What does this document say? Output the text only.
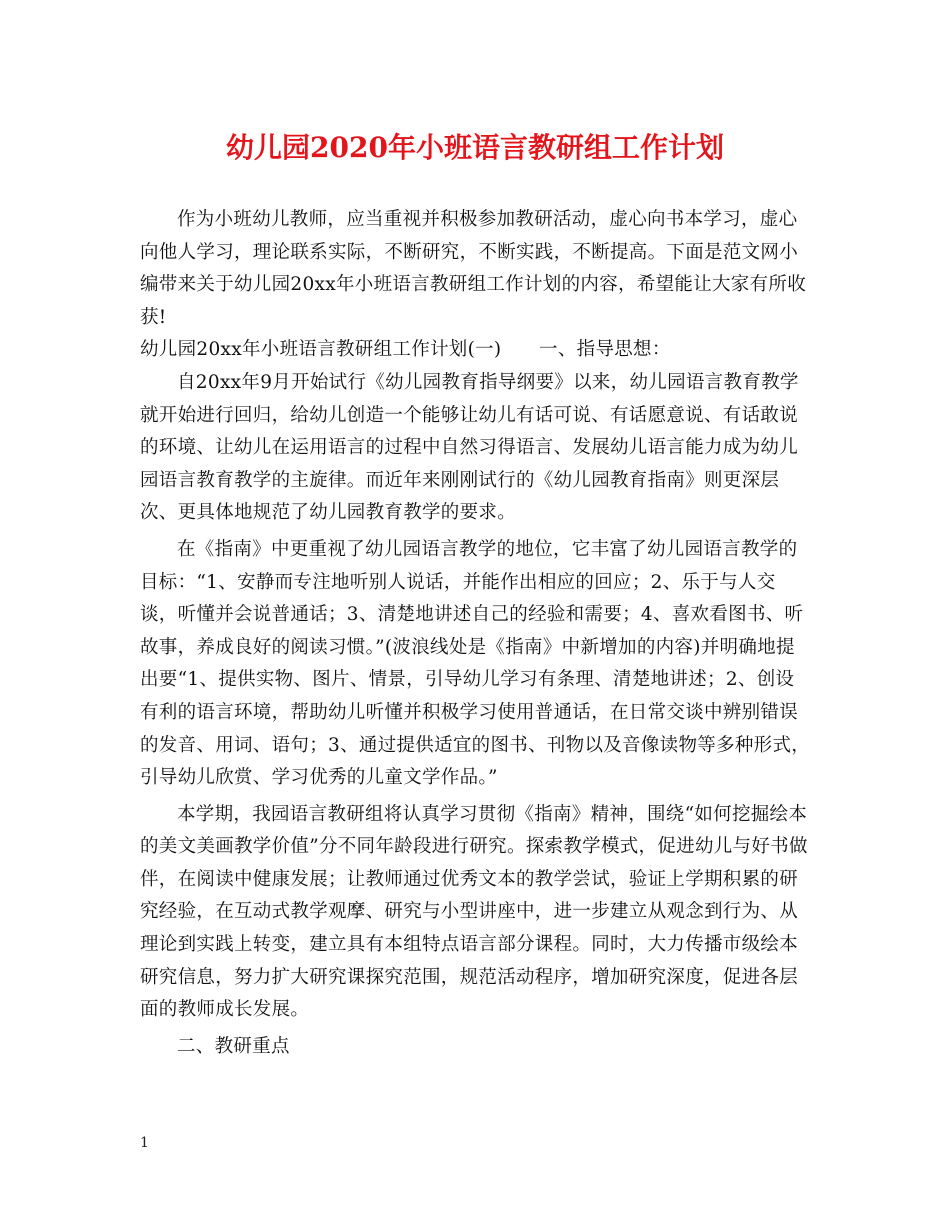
幼儿园2020年小班语言教研组工作计划

作为小班幼儿教师，应当重视并积极参加教研活动，虚心向书本学习，虚心向他人学习，理论联系实际，不断研究，不断实践，不断提高。下面是范文网小编带来关于幼儿园20xx年小班语言教研组工作计划的内容，希望能让大家有所收获!

幼儿园20xx年小班语言教研组工作计划(一)　　一、指导思想：

自20xx年9月开始试行《幼儿园教育指导纲要》以来，幼儿园语言教育教学就开始进行回归，给幼儿创造一个能够让幼儿有话可说、有话愿意说、有话敢说的环境、让幼儿在运用语言的过程中自然习得语言、发展幼儿语言能力成为幼儿园语言教育教学的主旋律。而近年来刚刚试行的《幼儿园教育指南》则更深层次、更具体地规范了幼儿园教育教学的要求。

在《指南》中更重视了幼儿园语言教学的地位，它丰富了幼儿园语言教学的目标：“1、安静而专注地听别人说话，并能作出相应的回应；2、乐于与人交谈，听懂并会说普通话；3、清楚地讲述自己的经验和需要；4、喜欢看图书、听故事，养成良好的阅读习惯。”(波浪线处是《指南》中新增加的内容)并明确地提出要“1、提供实物、图片、情景，引导幼儿学习有条理、清楚地讲述；2、创设有利的语言环境，帮助幼儿听懂并积极学习使用普通话，在日常交谈中辨别错误的发音、用词、语句；3、通过提供适宜的图书、刊物以及音像读物等多种形式，引导幼儿欣赏、学习优秀的儿童文学作品。”

本学期，我园语言教研组将认真学习贯彻《指南》精神，围绕“如何挖掘绘本的美文美画教学价值”分不同年龄段进行研究。探索教学模式，促进幼儿与好书做伴，在阅读中健康发展；让教师通过优秀文本的教学尝试，验证上学期积累的研究经验，在互动式教学观摩、研究与小型讲座中，进一步建立从观念到行为、从理论到实践上转变，建立具有本组特点语言部分课程。同时，大力传播市级绘本研究信息，努力扩大研究课探究范围，规范活动程序，增加研究深度，促进各层面的教师成长发展。

二、教研重点

1
